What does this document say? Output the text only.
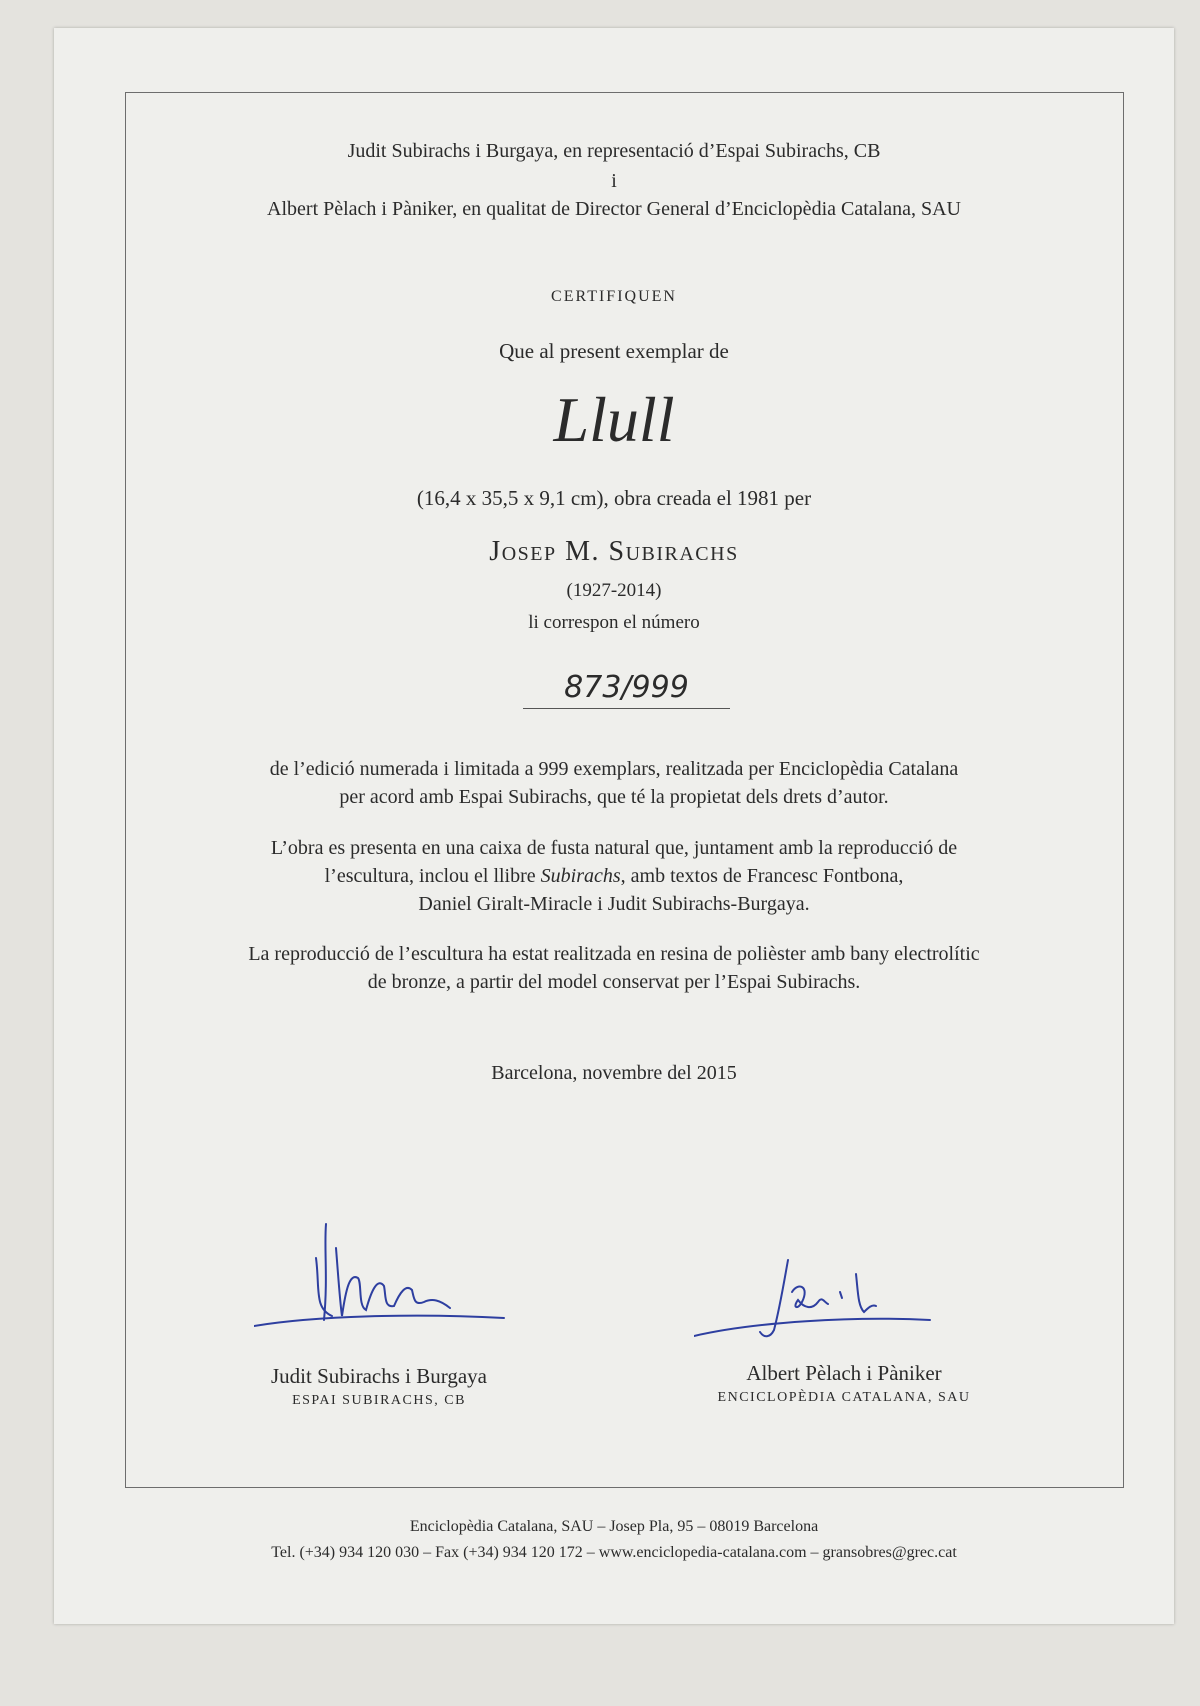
Judit Subirachs i Burgaya, en representació d’Espai Subirachs, CB
i
Albert Pèlach i Pàniker, en qualitat de Director General d’Enciclopèdia Catalana, SAU
CERTIFIQUEN
Que al present exemplar de
Llull
(16,4 x 35,5 x 9,1 cm), obra creada el 1981 per
Josep M. Subirachs
(1927-2014)
li correspon el número
873/999
de l’edició numerada i limitada a 999 exemplars, realitzada per Enciclopèdia Catalana
per acord amb Espai Subirachs, que té la propietat dels drets d’autor.
L’obra es presenta en una caixa de fusta natural que, juntament amb la reproducció de
l’escultura, inclou el llibre Subirachs, amb textos de Francesc Fontbona,
Daniel Giralt-Miracle i Judit Subirachs-Burgaya.
La reproducció de l’escultura ha estat realitzada en resina de polièster amb bany electrolític
de bronze, a partir del model conservat per l’Espai Subirachs.
Barcelona, novembre del 2015
Judit Subirachs i Burgaya
ESPAI SUBIRACHS, CB
Albert Pèlach i Pàniker
ENCICLOPÈDIA CATALANA, SAU
Enciclopèdia Catalana, SAU – Josep Pla, 95 – 08019 Barcelona
Tel. (+34) 934 120 030 – Fax (+34) 934 120 172 – www.enciclopedia-catalana.com – gransobres@grec.cat
